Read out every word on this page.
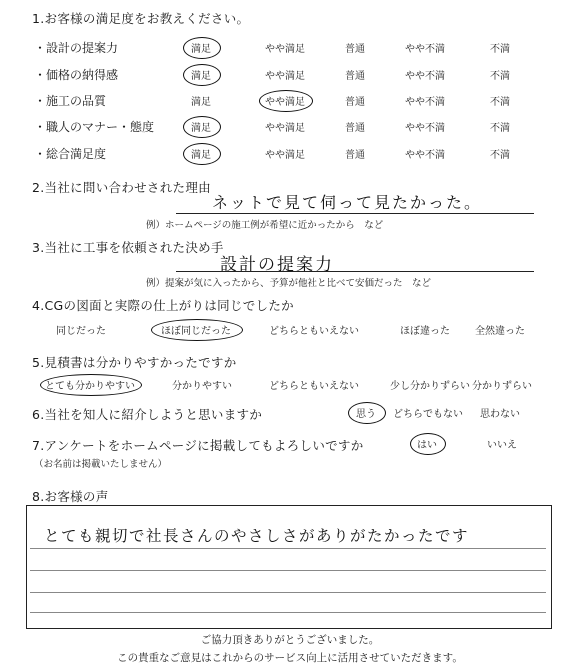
1.お客様の満足度をお教えください。
・設計の提案力	満足	やや満足	普通	やや不満	不満
・価格の納得感	満足	やや満足	普通	やや不満	不満
・施工の品質	満足	やや満足	普通	やや不満	不満
・職人のマナー・態度	満足	やや満足	普通	やや不満	不満
・総合満足度	満足	やや満足	普通	やや不満	不満
2.当社に問い合わせされた理由
ネットで見て伺って見たかった。
例）ホームページの施工例が希望に近かったから　など
3.当社に工事を依頼された決め手
設計の提案力
例）提案が気に入ったから、予算が他社と比べて安価だった　など
4.CGの図面と実際の仕上がりは同じでしたか
同じだった	ほぼ同じだった	どちらともいえない	ほぼ違った	全然違った
5.見積書は分かりやすかったですか
とても分かりやすい	分かりやすい	どちらともいえない	少し分かりずらい 分かりずらい
6.当社を知人に紹介しようと思いますか	思う	どちらでもない	思わない
7.アンケートをホームページに掲載してもよろしいですか
（お名前は掲載いたしません）
はい	いいえ
8.お客様の声
とても親切で社長さんのやさしさがありがたかったです
ご協力頂きありがとうございました。
この貴重なご意見はこれからのサービス向上に活用させていただきます。
